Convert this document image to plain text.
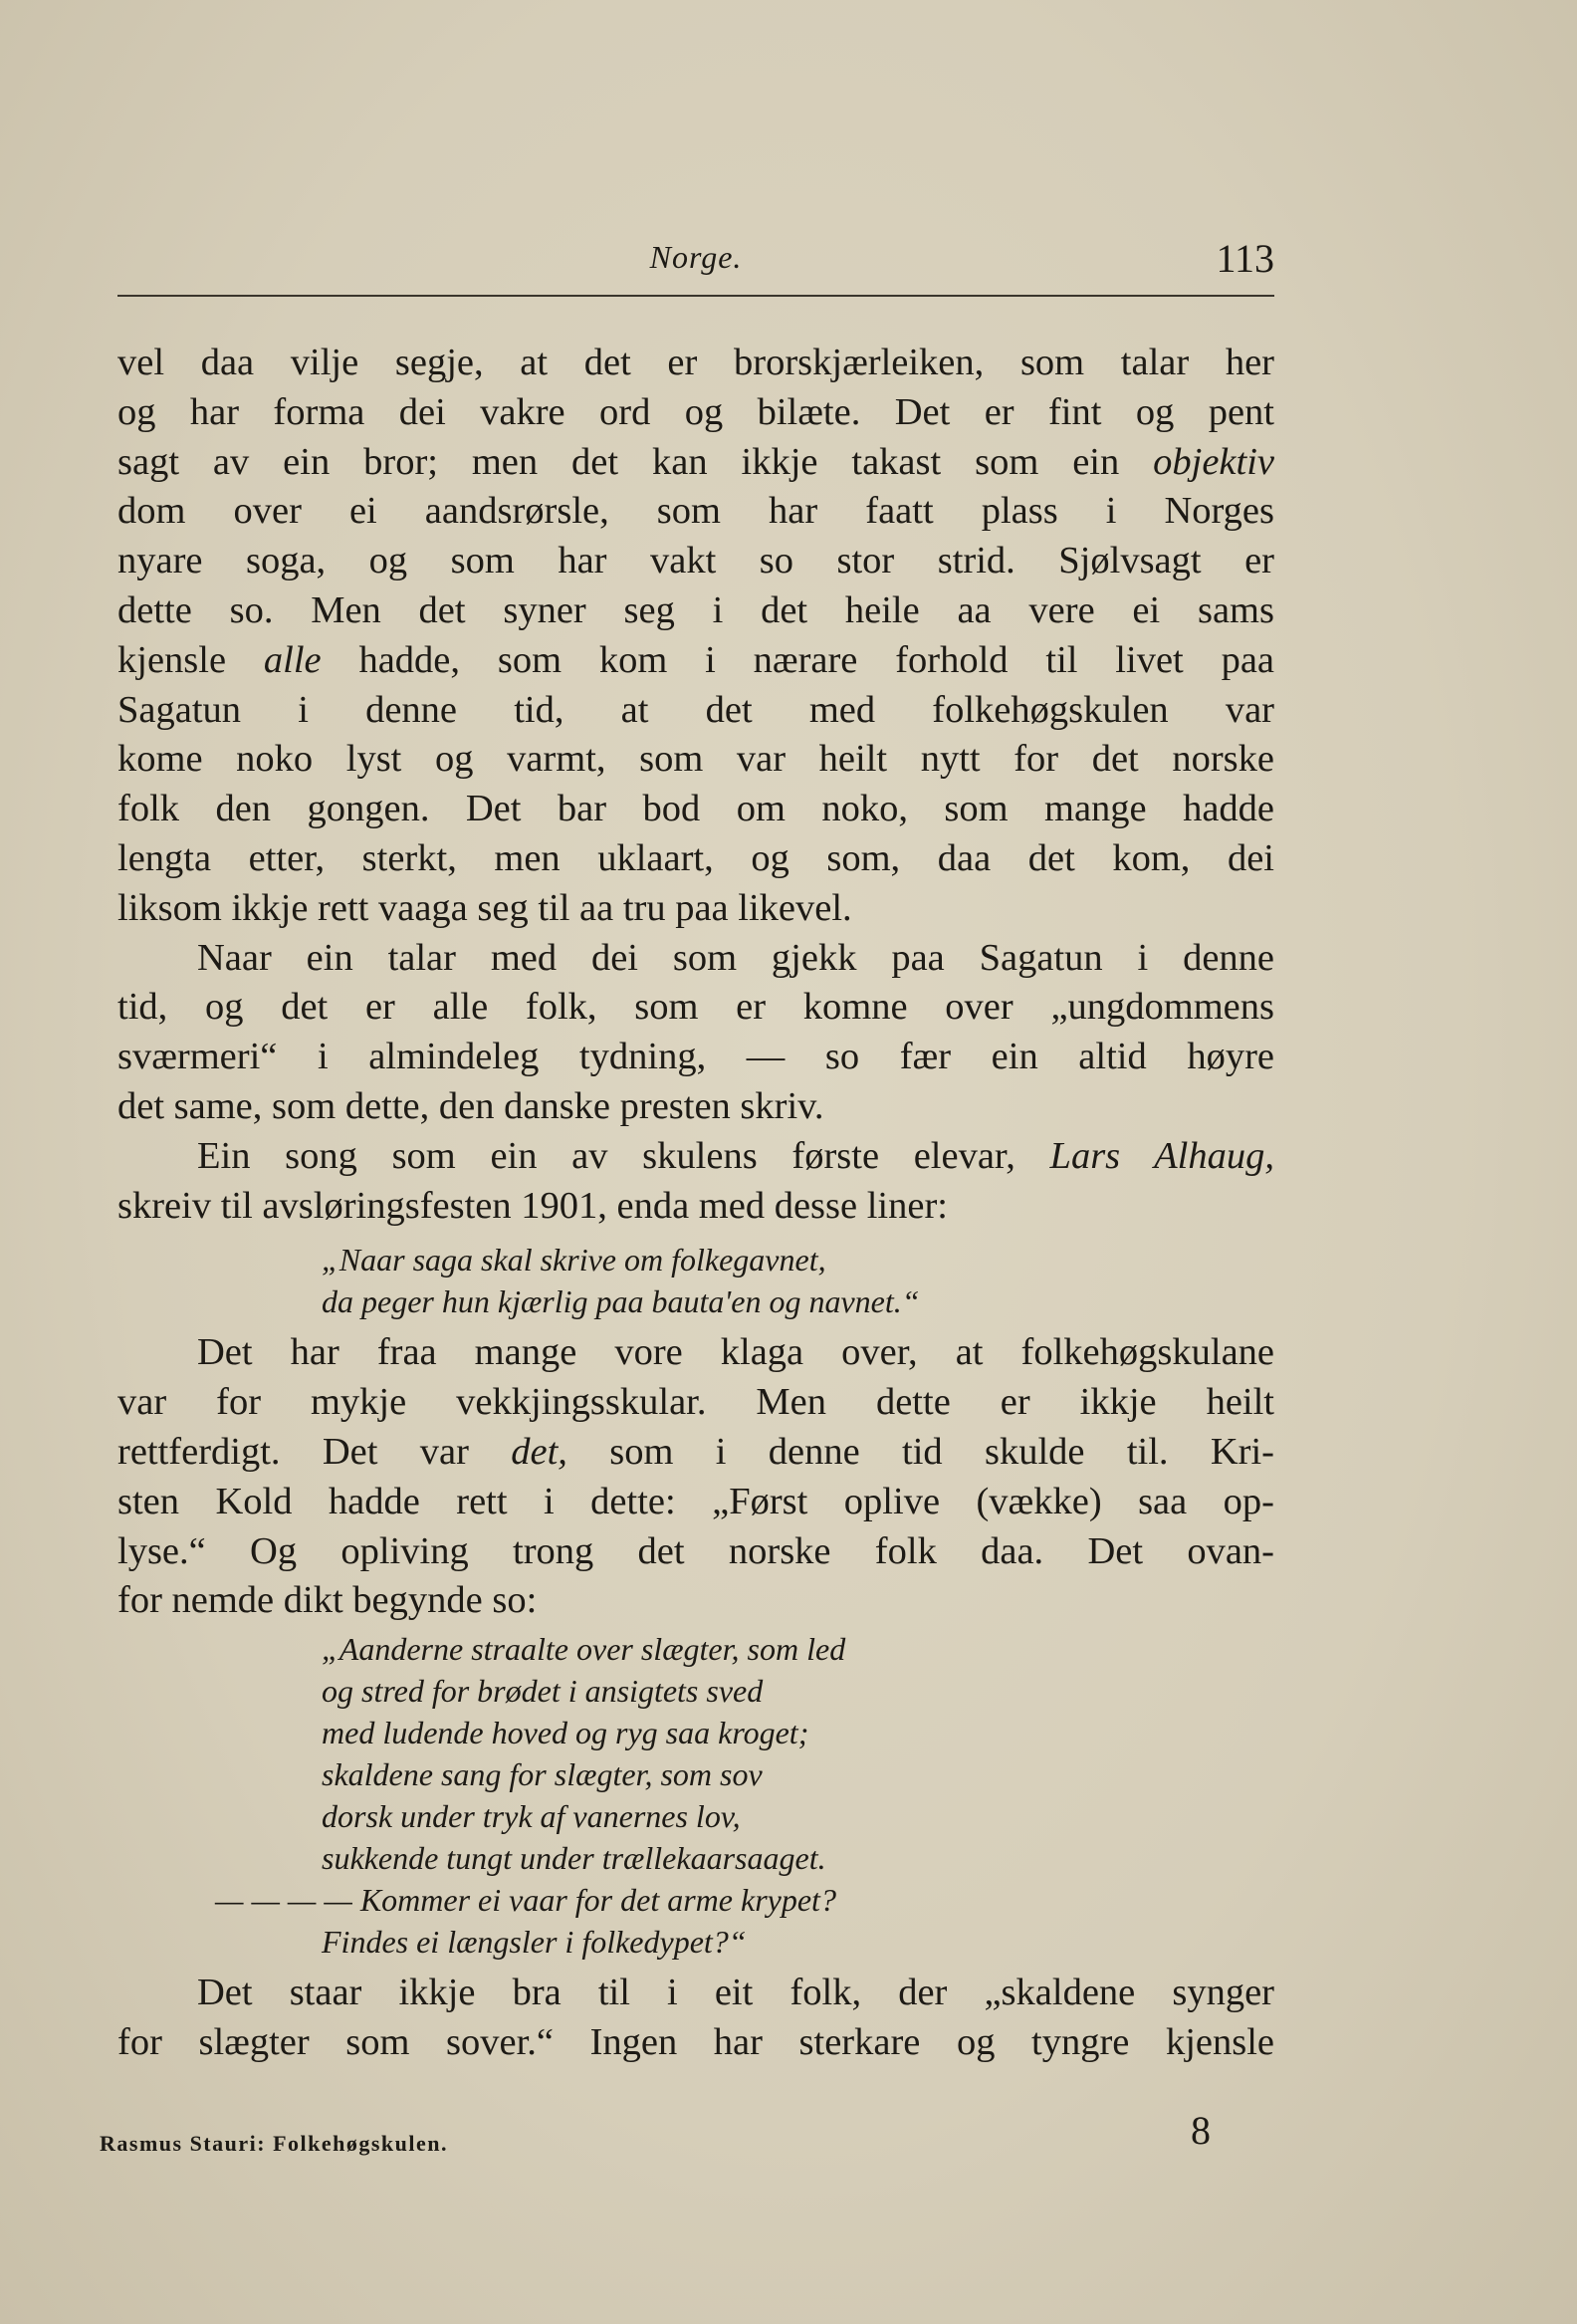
Norge.	113
vel daa vilje segje, at det er brorskjærleiken, som talar her
og har forma dei vakre ord og bilæte. Det er fint og pent
sagt av ein bror; men det kan ikkje takast som ein objektiv
dom over ei aandsrørsle, som har faatt plass i Norges
nyare soga, og som har vakt so stor strid. Sjølvsagt er
dette so. Men det syner seg i det heile aa vere ei sams
kjensle alle hadde, som kom i nærare forhold til livet paa
Sagatun i denne tid, at det med folkehøgskulen var
kome noko lyst og varmt, som var heilt nytt for det norske
folk den gongen. Det bar bod om noko, som mange hadde
lengta etter, sterkt, men uklaart, og som, daa det kom, dei
liksom ikkje rett vaaga seg til aa tru paa likevel.
Naar ein talar med dei som gjekk paa Sagatun i denne
tid, og det er alle folk, som er komne over „ungdommens
sværmeri“ i almindeleg tydning, — so fær ein altid høyre
det same, som dette, den danske presten skriv.
Ein song som ein av skulens første elevar, Lars Alhaug,
skreiv til avsløringsfesten 1901, enda med desse liner:
„Naar saga skal skrive om folkegavnet,
da peger hun kjærlig paa bauta'en og navnet.“
Det har fraa mange vore klaga over, at folkehøgskulane
var for mykje vekkjingsskular. Men dette er ikkje heilt
rettferdigt. Det var det, som i denne tid skulde til. Kri-
sten Kold hadde rett i dette: „Først oplive (vække) saa op-
lyse.“ Og opliving trong det norske folk daa. Det ovan-
for nemde dikt begynde so:
„Aanderne straalte over slægter, som led
og stred for brødet i ansigtets sved
med ludende hoved og ryg saa kroget;
skaldene sang for slægter, som sov
dorsk under tryk af vanernes lov,
sukkende tungt under trællekaarsaaget.
— — — — Kommer ei vaar for det arme krypet?
Findes ei længsler i folkedypet?“
Det staar ikkje bra til i eit folk, der „skaldene synger
for slægter som sover.“ Ingen har sterkare og tyngre kjensle
Rasmus Stauri: Folkehøgskulen.	8
